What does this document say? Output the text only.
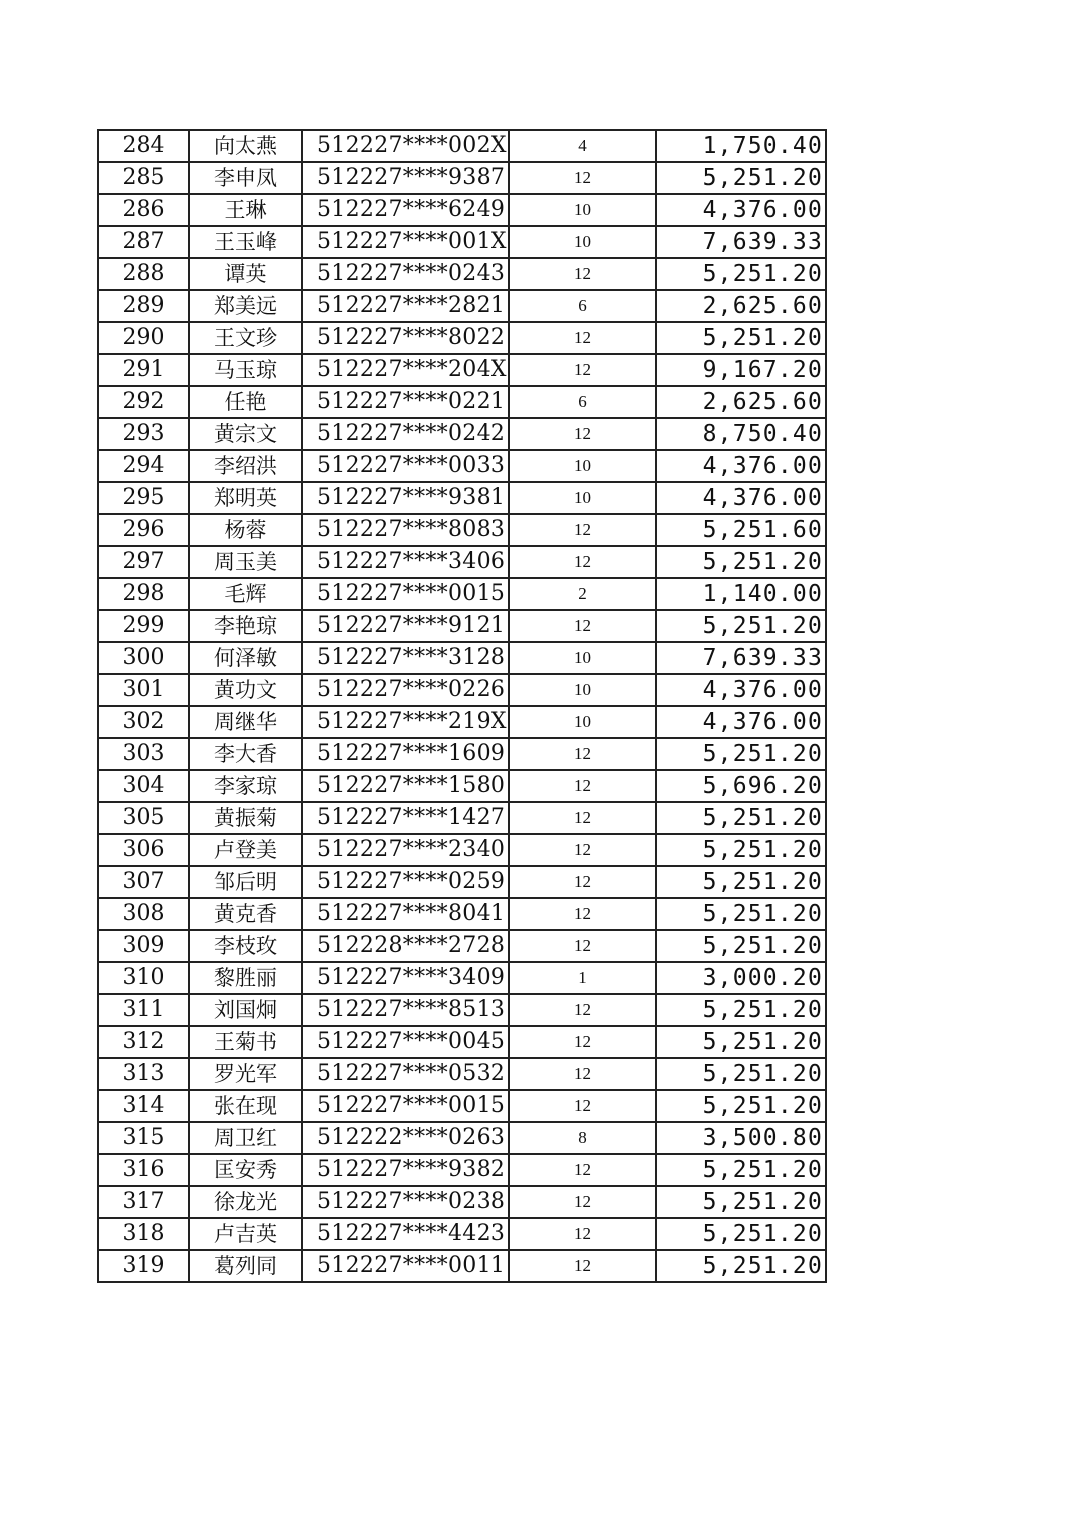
284	向太燕	512227****002X	4	1,750.40
285	李申凤	512227****9387	12	5,251.20
286	王琳	512227****6249	10	4,376.00
287	王玉峰	512227****001X	10	7,639.33
288	谭英	512227****0243	12	5,251.20
289	郑美远	512227****2821	6	2,625.60
290	王文珍	512227****8022	12	5,251.20
291	马玉琼	512227****204X	12	9,167.20
292	任艳	512227****0221	6	2,625.60
293	黄宗文	512227****0242	12	8,750.40
294	李绍洪	512227****0033	10	4,376.00
295	郑明英	512227****9381	10	4,376.00
296	杨蓉	512227****8083	12	5,251.60
297	周玉美	512227****3406	12	5,251.20
298	毛辉	512227****0015	2	1,140.00
299	李艳琼	512227****9121	12	5,251.20
300	何泽敏	512227****3128	10	7,639.33
301	黄功文	512227****0226	10	4,376.00
302	周继华	512227****219X	10	4,376.00
303	李大香	512227****1609	12	5,251.20
304	李家琼	512227****1580	12	5,696.20
305	黄振菊	512227****1427	12	5,251.20
306	卢登美	512227****2340	12	5,251.20
307	邹后明	512227****0259	12	5,251.20
308	黄克香	512227****8041	12	5,251.20
309	李枝玫	512228****2728	12	5,251.20
310	黎胜丽	512227****3409	1	3,000.20
311	刘国炯	512227****8513	12	5,251.20
312	王菊书	512227****0045	12	5,251.20
313	罗光军	512227****0532	12	5,251.20
314	张在现	512227****0015	12	5,251.20
315	周卫红	512222****0263	8	3,500.80
316	匡安秀	512227****9382	12	5,251.20
317	徐龙光	512227****0238	12	5,251.20
318	卢吉英	512227****4423	12	5,251.20
319	葛列同	512227****0011	12	5,251.20
